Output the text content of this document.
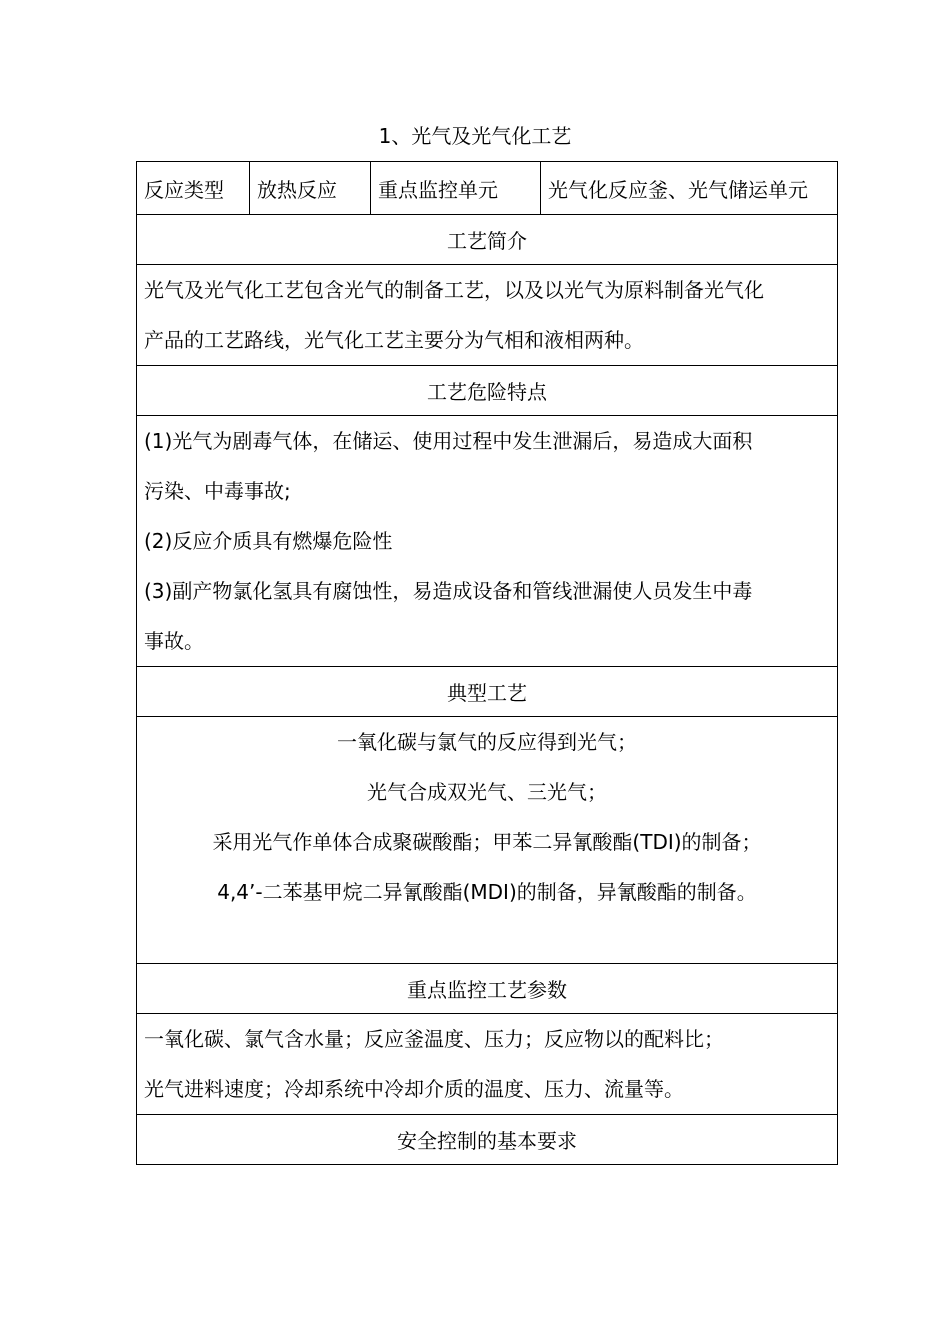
1、光气及光气化工艺
反应类型	放热反应	重点监控单元	光气化反应釜、光气储运单元
工艺简介

光气及光气化工艺包含光气的制备工艺，以及以光气为原料制备光气化

产品的工艺路线，光气化工艺主要分为气相和液相两种。

工艺危险特点

(1)光气为剧毒气体，在储运、使用过程中发生泄漏后，易造成大面积

污染、中毒事故;

(2)反应介质具有燃爆危险性

(3)副产物氯化氢具有腐蚀性，易造成设备和管线泄漏使人员发生中毒

事故。

典型工艺

一氧化碳与氯气的反应得到光气；

光气合成双光气、三光气；

采用光气作单体合成聚碳酸酯；甲苯二异氰酸酯(TDI)的制备；

4,4’-二苯基甲烷二异氰酸酯(MDI)的制备，异氰酸酯的制备。

重点监控工艺参数

一氧化碳、氯气含水量；反应釜温度、压力；反应物以的配料比；

光气进料速度；冷却系统中冷却介质的温度、压力、流量等。

安全控制的基本要求
